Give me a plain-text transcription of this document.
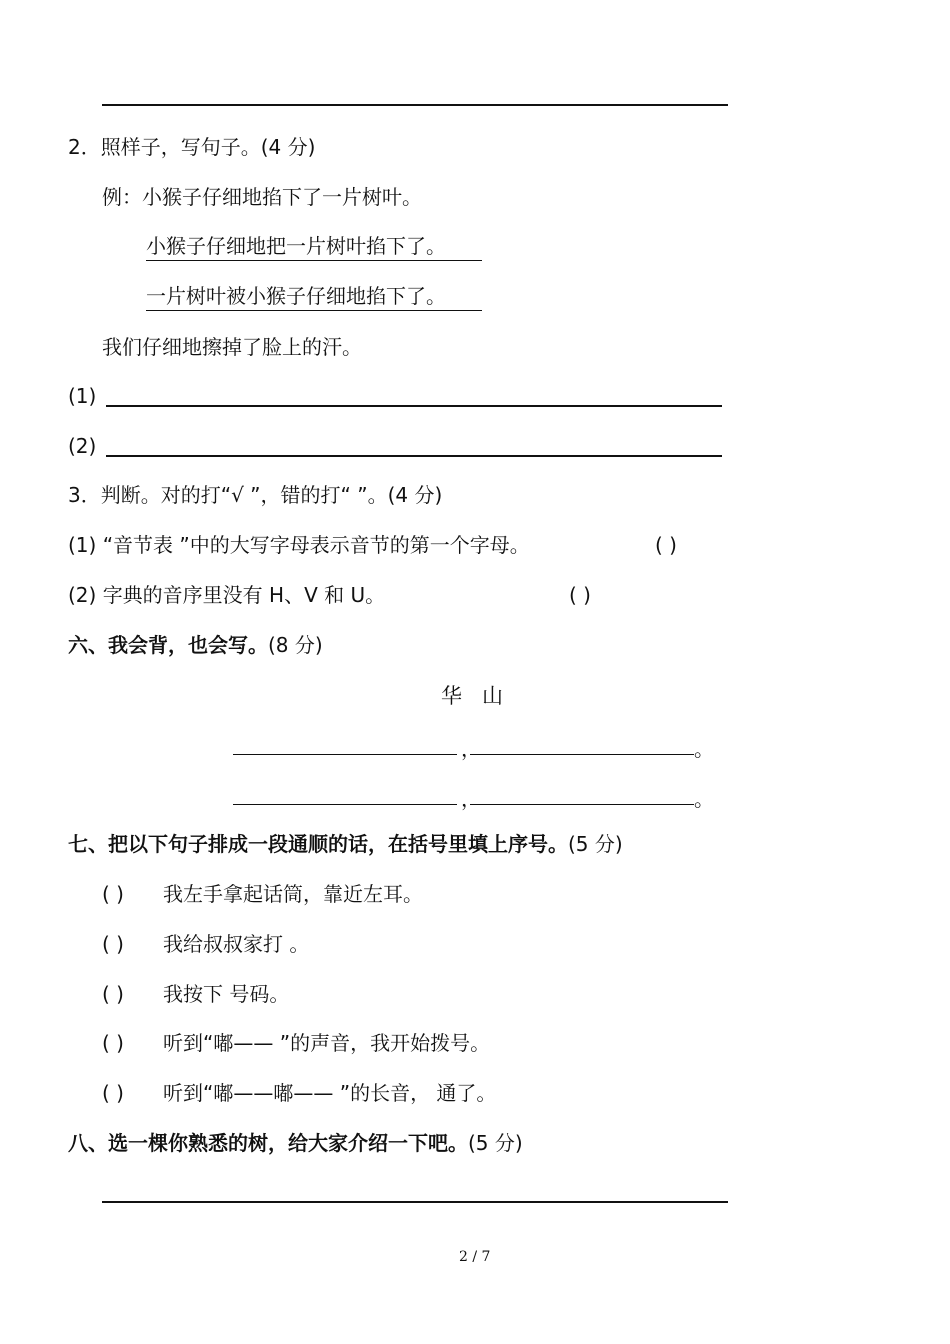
2．照样子，写句子。(4 分)
例：小猴子仔细地掐下了一片树叶。
小猴子仔细地把一片树叶掐下了。
一片树叶被小猴子仔细地掐下了。
我们仔细地擦掉了脸上的汗。
(1)
(2)
3．判断。对的打“√ ”，错的打“ ”。(4 分)
(1) “音节表 ”中的大写字母表示音节的第一个字母。	( )
(2) 字典的音序里没有 H、V 和 U。	( )
六、我会背，也会写。(8 分)
华山
，	。
，	。
七、把以下句子排成一段通顺的话，在括号里填上序号。(5 分)
( ) 我左手拿起话筒，靠近左耳。
( ) 我给叔叔家打 。
( ) 我按下 号码。
( ) 听到“嘟—— ”的声音，我开始拨号。
( ) 听到“嘟——嘟—— ”的长音， 通了。
八、选一棵你熟悉的树，给大家介绍一下吧。(5 分)
2 / 7
